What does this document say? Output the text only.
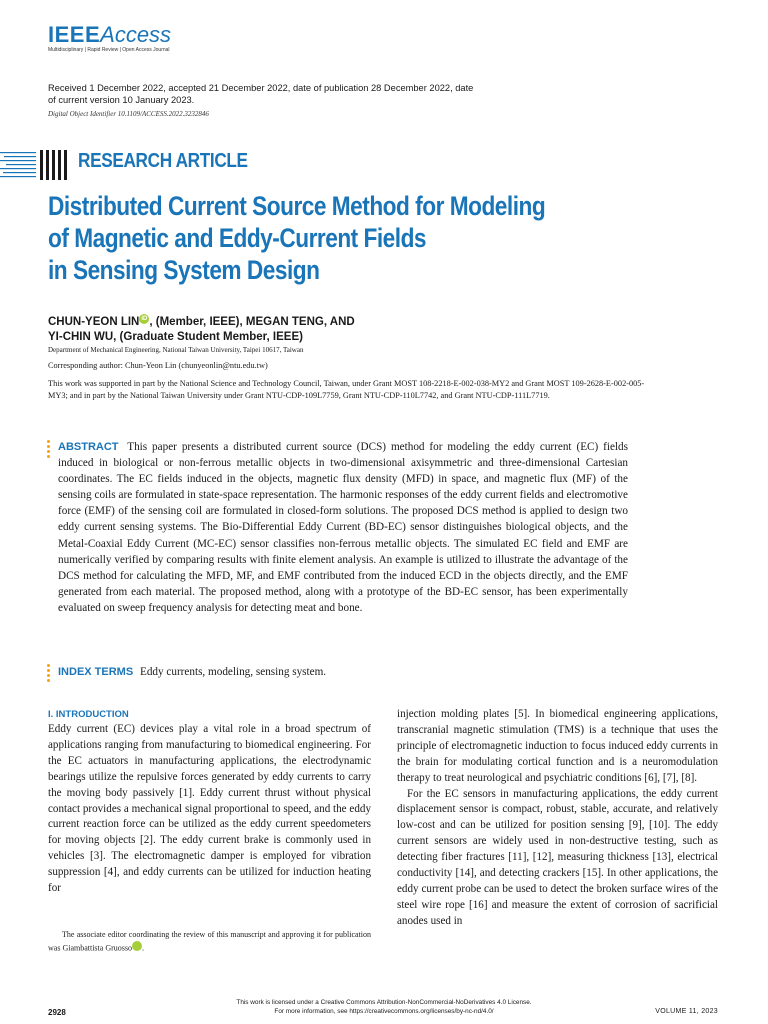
IEEEAccess
Multidisciplinary | Rapid Review | Open Access Journal
Received 1 December 2022, accepted 21 December 2022, date of publication 28 December 2022, date of current version 10 January 2023.
Digital Object Identifier 10.1109/ACCESS.2022.3232846
RESEARCH ARTICLE
Distributed Current Source Method for Modeling
of Magnetic and Eddy-Current Fields
in Sensing System Design
CHUN-YEON LIN iD , (Member, IEEE), MEGAN TENG, AND
YI-CHIN WU, (Graduate Student Member, IEEE)
Department of Mechanical Engineering, National Taiwan University, Taipei 10617, Taiwan
Corresponding author: Chun-Yeon Lin (chunyeonlin@ntu.edu.tw)
This work was supported in part by the National Science and Technology Council, Taiwan, under Grant MOST 108-2218-E-002-038-MY2 and Grant MOST 109-2628-E-002-005-MY3; and in part by the National Taiwan University under Grant NTU-CDP-109L7759, Grant NTU-CDP-110L7742, and Grant NTU-CDP-111L7719.
ABSTRACT This paper presents a distributed current source (DCS) method for modeling the eddy current (EC) fields induced in biological or non-ferrous metallic objects in two-dimensional axisymmetric and three-dimensional Cartesian coordinates. The EC fields induced in the objects, magnetic flux density (MFD) in space, and magnetic flux (MF) of the sensing coils are formulated in state-space representation. The harmonic responses of the eddy current fields and electromotive force (EMF) of the sensing coil are formulated in closed-form solutions. The proposed DCS method is applied to design two eddy current sensing systems. The Bio-Differential Eddy Current (BD-EC) sensor distinguishes biological objects, and the Metal-Coaxial Eddy Current (MC-EC) sensor classifies non-ferrous metallic objects. The simulated EC field and EMF are numerically verified by comparing results with finite element analysis. An example is utilized to illustrate the advantage of the DCS method for calculating the MFD, MF, and EMF contributed from the induced ECD in the objects directly, and the EMF generated from each material. The proposed method, along with a prototype of the BD-EC sensor, has been experimentally evaluated on sweep frequency analysis for detecting meat and bone.
INDEX TERMS Eddy currents, modeling, sensing system.
I. INTRODUCTION
Eddy current (EC) devices play a vital role in a broad spectrum of applications ranging from manufacturing to biomedical engineering. For the EC actuators in manufacturing applications, the electrodynamic bearings utilize the repulsive forces generated by eddy currents to carry the moving body passively [1]. Eddy current thrust without physical contact provides a mechanical signal proportional to speed, and the eddy current reaction force can be utilized as the eddy current speedometers for moving objects [2]. The eddy current brake is commonly used in vehicles [3]. The electromagnetic damper is employed for vibration suppression [4], and eddy currents can be utilized for induction heating for
injection molding plates [5]. In biomedical engineering applications, transcranial magnetic stimulation (TMS) is a technique that uses the principle of electromagnetic induction to focus induced eddy currents in the brain for modulating cortical function and is a neuromodulation therapy to treat neurological and psychiatric conditions [6], [7], [8].
For the EC sensors in manufacturing applications, the eddy current displacement sensor is compact, robust, stable, accurate, and relatively low-cost and can be utilized for position sensing [9], [10]. The eddy current sensors are widely used in non-destructive testing, such as detecting fiber fractures [11], [12], measuring thickness [13], electrical conductivity [14], and detecting crackers [15]. In other applications, the eddy current probe can be used to detect the broken surface wires of the steel wire rope [16] and measure the extent of corrosion of sacrificial anodes used in
The associate editor coordinating the review of this manuscript and approving it for publication was Giambattista Gruosso iD.
This work is licensed under a Creative Commons Attribution-NonCommercial-NoDerivatives 4.0 License.
For more information, see https://creativecommons.org/licenses/by-nc-nd/4.0/
2928	VOLUME 11, 2023
